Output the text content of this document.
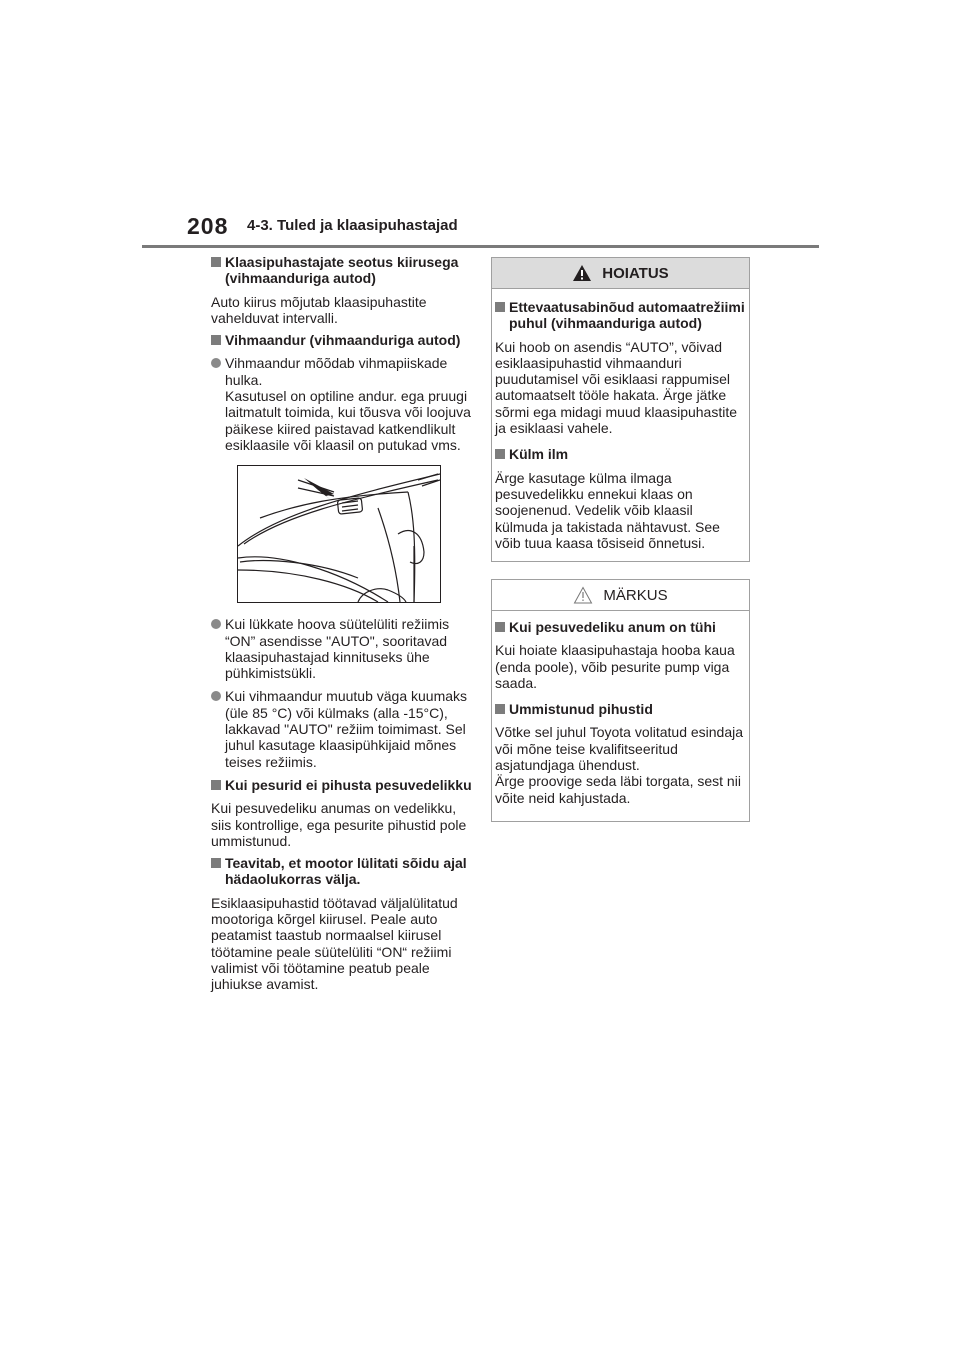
208 4-3. Tuled ja klaasipuhastajad
Klaasipuhastajate seotus kiirusega (vihmaanduriga autod)

Auto kiirus mõjutab klaasipuhastite vahelduvat intervalli.

Vihmaandur (vihmaanduriga autod)
Vihmaandur mõõdab vihmapiiskade hulka.
Kasutusel on optiline andur. ega pruugi laitmatult toimida, kui tõusva või loojuva päikese kiired paistavad katkendlikult esiklaasile või klaasil on putukad vms.
Kui lükkate hoova süütelüliti režiimis “ON” asendisse "AUTO", sooritavad klaasipuhastajad kinnituseks ühe pühkimistsükli.
Kui vihmaandur muutub väga kuumaks (üle 85 °C) või külmaks (alla -15°C), lakkavad "AUTO" režiim toimimast. Sel juhul kasutage klaasipühkijaid mõnes teises režiimis.
Kui pesurid ei pihusta pesuvedelikku

Kui pesuvedeliku anumas on vedelikku, siis kontrollige, ega pesurite pihustid pole ummistunud.

Teavitab, et mootor lülitati sõidu ajal hädaolukorras välja.

Esiklaasipuhastid töötavad väljalülitatud mootoriga kõrgel kiirusel. Peale auto peatamist taastub normaalsel kiirusel töötamine peale süütelüliti “ON“ režiimi valimist või töötamine peatub peale juhiukse avamist.

HOIATUS
Ettevaatusabinõud automaatrežiimi puhul (vihmaanduriga autod)

Kui hoob on asendis “AUTO”, võivad esiklaasipuhastid vihmaanduri puudutamisel või esiklaasi rappumisel automaatselt tööle hakata. Ärge jätke sõrmi ega midagi muud klaasipuhastite ja esiklaasi vahele.

Külm ilm

Ärge kasutage külma ilmaga pesuvedelikku ennekui klaas on soojenenud. Vedelik võib klaasil külmuda ja takistada nähtavust. See võib tuua kaasa tõsiseid õnnetusi.

MÄRKUS
Kui pesuvedeliku anum on tühi

Kui hoiate klaasipuhastaja hooba kaua (enda poole), võib pesurite pump viga saada.

Ummistunud pihustid

Võtke sel juhul Toyota volitatud esindaja või mõne teise kvalifitseeritud asjatundjaga ühendust.
Ärge proovige seda läbi torgata, sest nii võite neid kahjustada.
